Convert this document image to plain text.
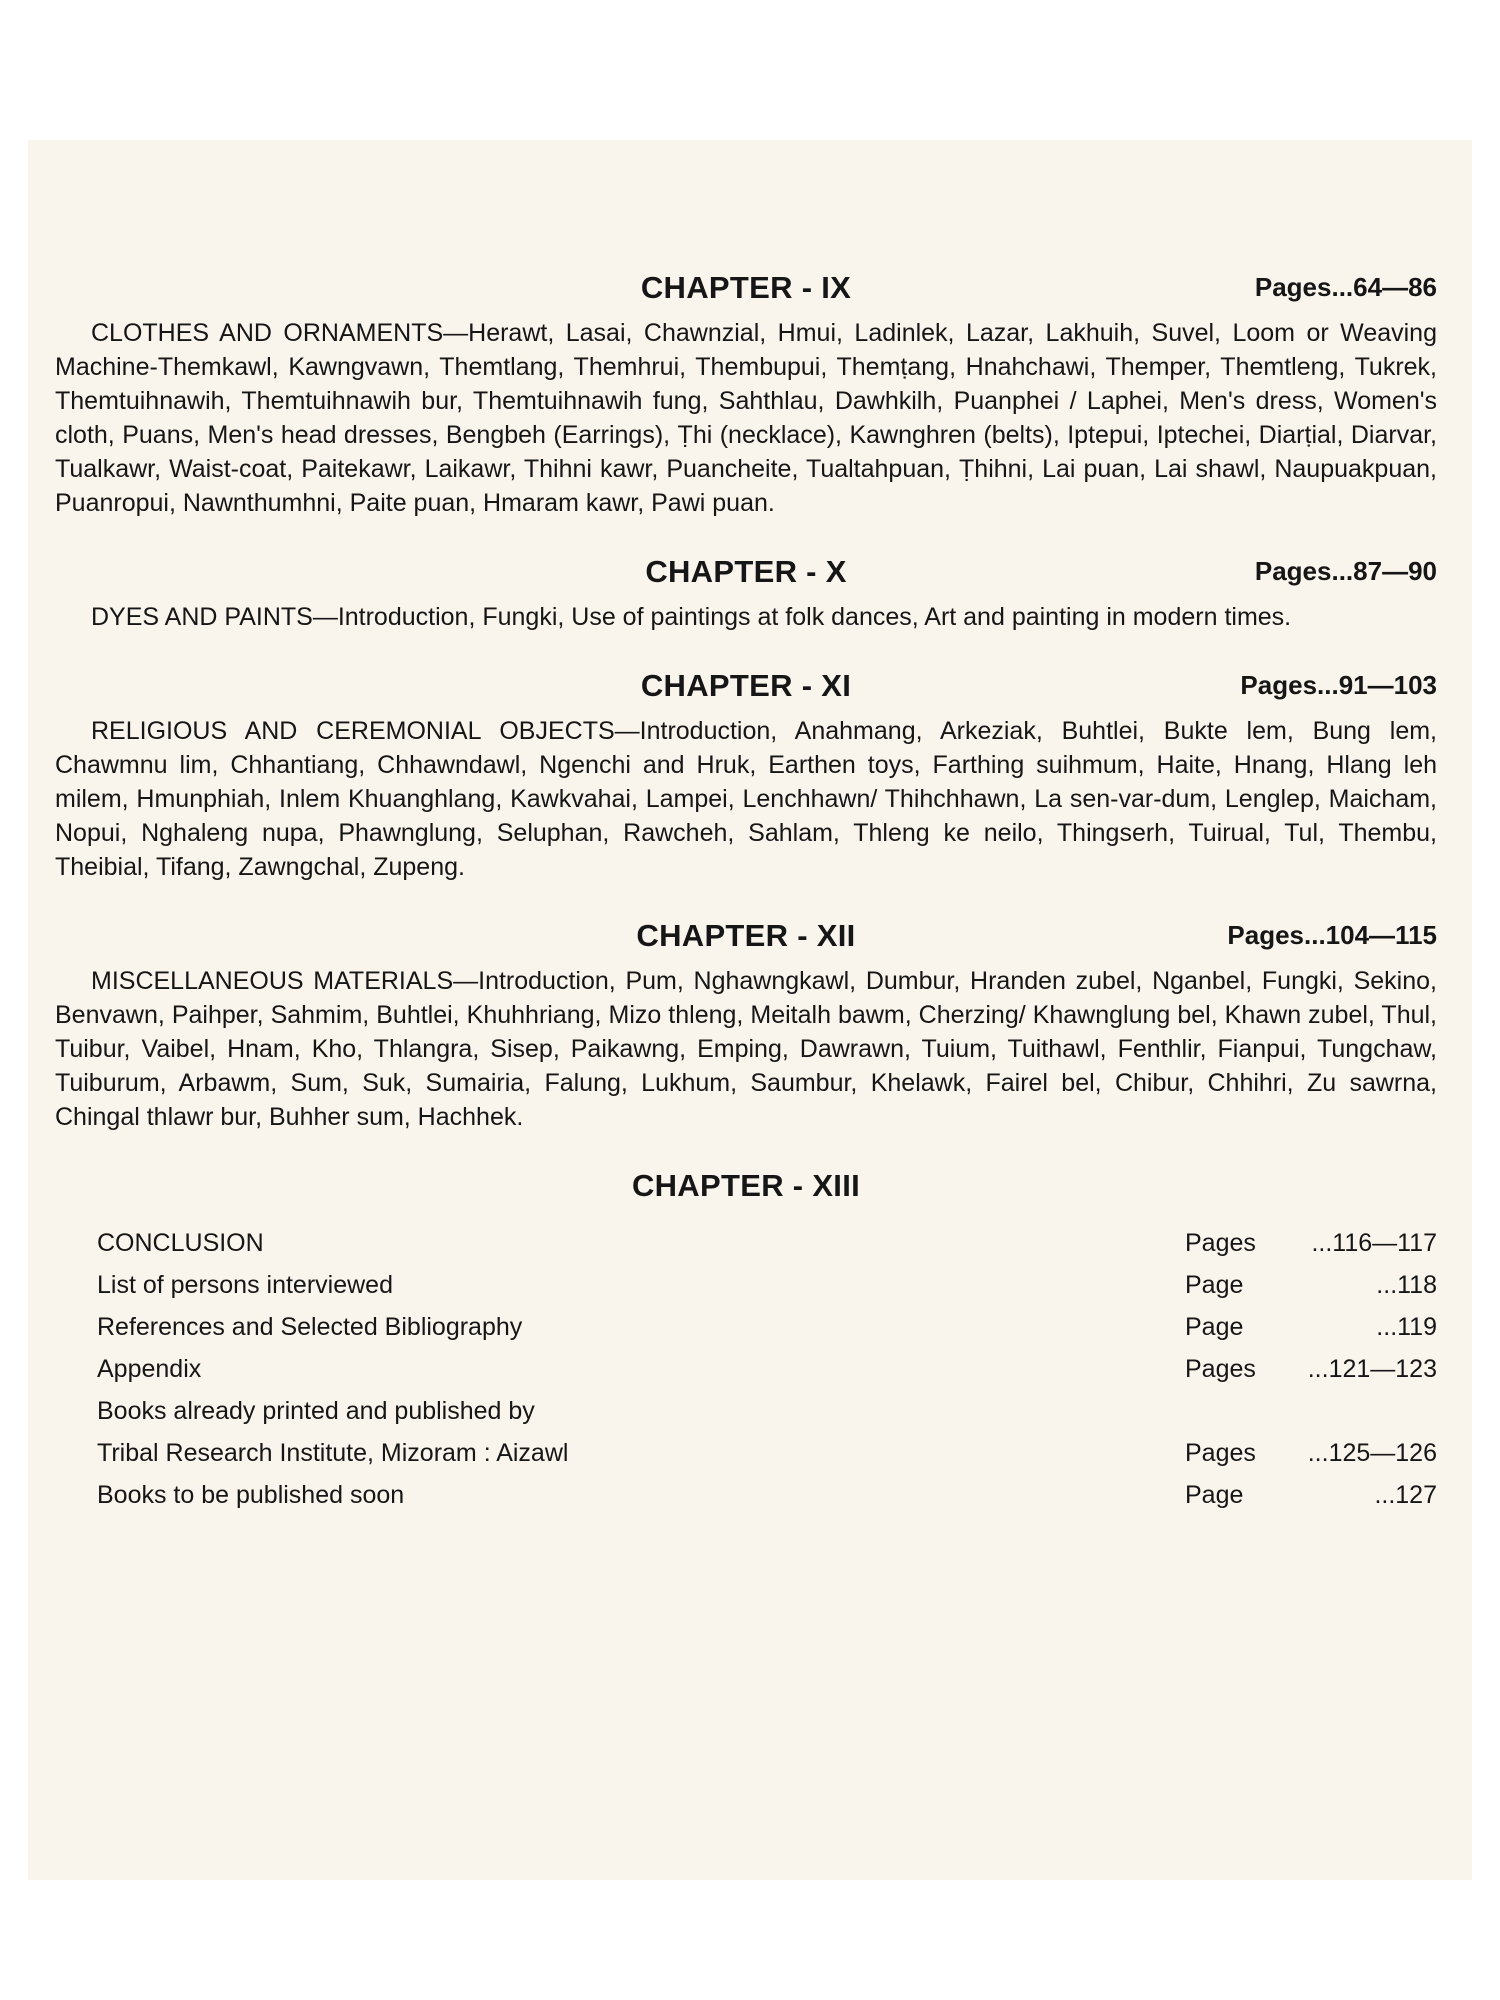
CHAPTER - IX	Pages...64—86

CLOTHES AND ORNAMENTS—Herawt, Lasai, Chawnzial, Hmui, Ladinlek, Lazar, Lakhuih, Suvel, Loom or Weaving Machine-Themkawl, Kawngvawn, Themtlang, Themhrui, Thembupui, Themṭang, Hnahchawi, Themper, Themtleng, Tukrek, Themtuihnawih, Themtuihnawih bur, Themtuihnawih fung, Sahthlau, Dawhkilh, Puanphei / Laphei, Men's dress, Women's cloth, Puans, Men's head dresses, Bengbeh (Earrings), Ṭhi (necklace), Kawnghren (belts), Iptepui, Iptechei, Diarṭial, Diarvar, Tualkawr, Waist-coat, Paitekawr, Laikawr, Thihni kawr, Puancheite, Tualtahpuan, Ṭhihni, Lai puan, Lai shawl, Naupuakpuan, Puanropui, Nawnthumhni, Paite puan, Hmaram kawr, Pawi puan.

CHAPTER - X	Pages...87—90

DYES AND PAINTS—Introduction, Fungki, Use of paintings at folk dances, Art and painting in modern times.

CHAPTER - XI	Pages...91—103

RELIGIOUS AND CEREMONIAL OBJECTS—Introduction, Anahmang, Arkeziak, Buhtlei, Bukte lem, Bung lem, Chawmnu lim, Chhantiang, Chhawndawl, Ngenchi and Hruk, Earthen toys, Farthing suihmum, Haite, Hnang, Hlang leh milem, Hmunphiah, Inlem Khuanghlang, Kawkvahai, Lampei, Lenchhawn/ Thihchhawn, La sen-var-dum, Lenglep, Maicham, Nopui, Nghaleng nupa, Phawnglung, Seluphan, Rawcheh, Sahlam, Thleng ke neilo, Thingserh, Tuirual, Tul, Thembu, Theibial, Tifang, Zawngchal, Zupeng.

CHAPTER - XII	Pages...104—115

MISCELLANEOUS MATERIALS—Introduction, Pum, Nghawngkawl, Dumbur, Hranden zubel, Nganbel, Fungki, Sekino, Benvawn, Paihper, Sahmim, Buhtlei, Khuhhriang, Mizo thleng, Meitalh bawm, Cherzing/ Khawnglung bel, Khawn zubel, Thul, Tuibur, Vaibel, Hnam, Kho, Thlangra, Sisep, Paikawng, Emping, Dawrawn, Tuium, Tuithawl, Fenthlir, Fianpui, Tungchaw, Tuiburum, Arbawm, Sum, Suk, Sumairia, Falung, Lukhum, Saumbur, Khelawk, Fairel bel, Chibur, Chhihri, Zu sawrna, Chingal thlawr bur, Buhher sum, Hachhek.

CHAPTER - XIII
CONCLUSION	Pages ...116—117
List of persons interviewed	Page	...118
References and Selected Bibliography	Page	...119
Appendix	Pages ...121—123
Books already printed and published by
Tribal Research Institute, Mizoram : Aizawl	Pages ...125—126
Books to be published soon	Page	...127
